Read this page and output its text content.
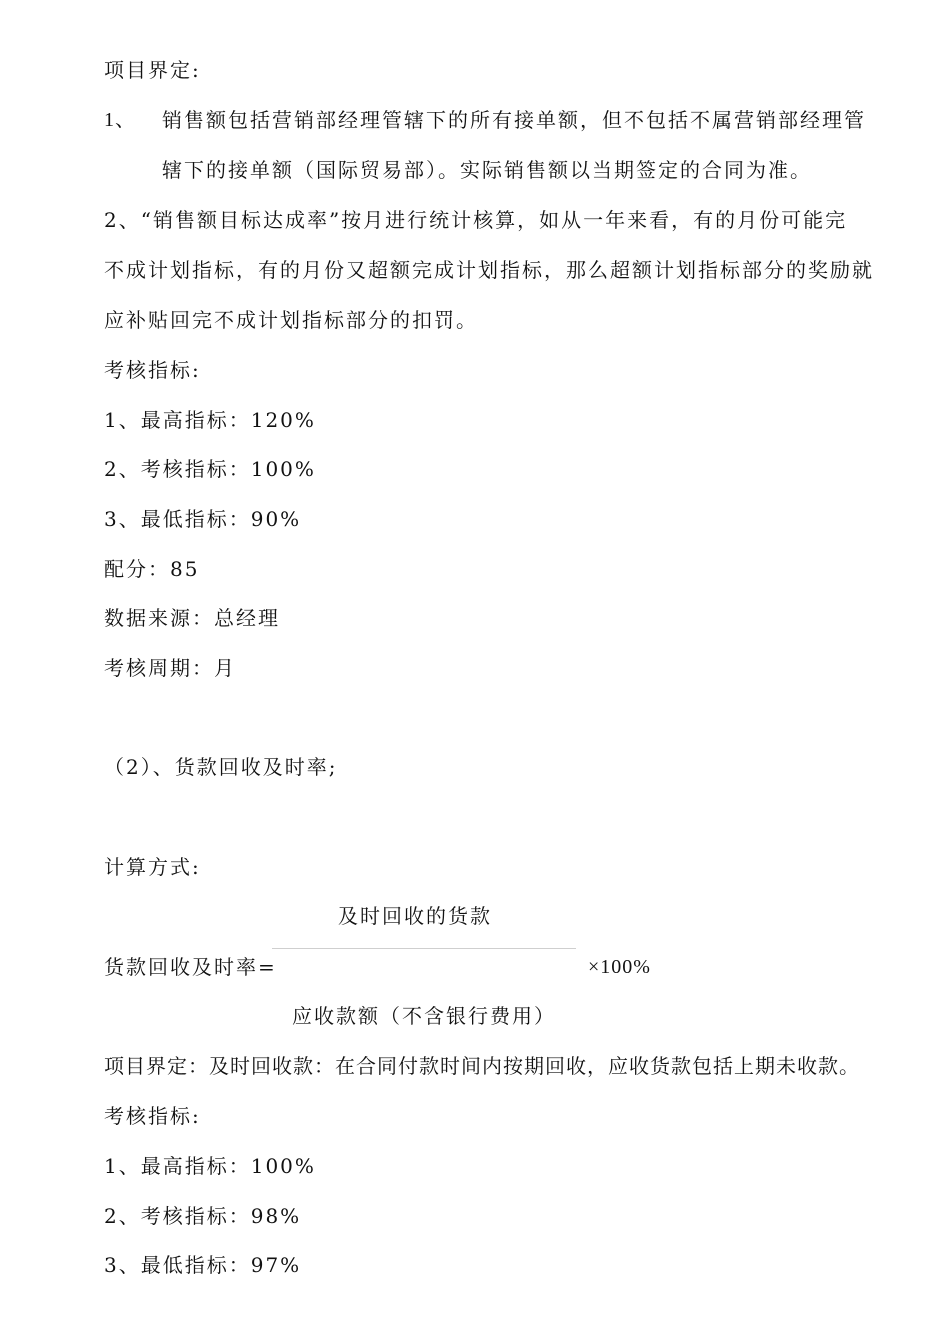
项目界定:
1、 销售额包括营销部经理管辖下的所有接单额，但不包括不属营销部经理管
辖下的接单额（国际贸易部）。实际销售额以当期签定的合同为准。
2、“销售额目标达成率”按月进行统计核算，如从一年来看，有的月份可能完
不成计划指标，有的月份又超额完成计划指标，那么超额计划指标部分的奖励就
应补贴回完不成计划指标部分的扣罚。
考核指标:
1、最高指标：120%
2、考核指标：100%
3、最低指标：90%
配分：85
数据来源：总经理
考核周期：月
（2）、货款回收及时率;
计算方式:
及时回收的货款
货款回收及时率=	×100%
应收款额（不含银行费用）
项目界定：及时回收款：在合同付款时间内按期回收，应收货款包括上期未收款。
考核指标:
1、最高指标：100%
2、考核指标：98%
3、最低指标：97%
